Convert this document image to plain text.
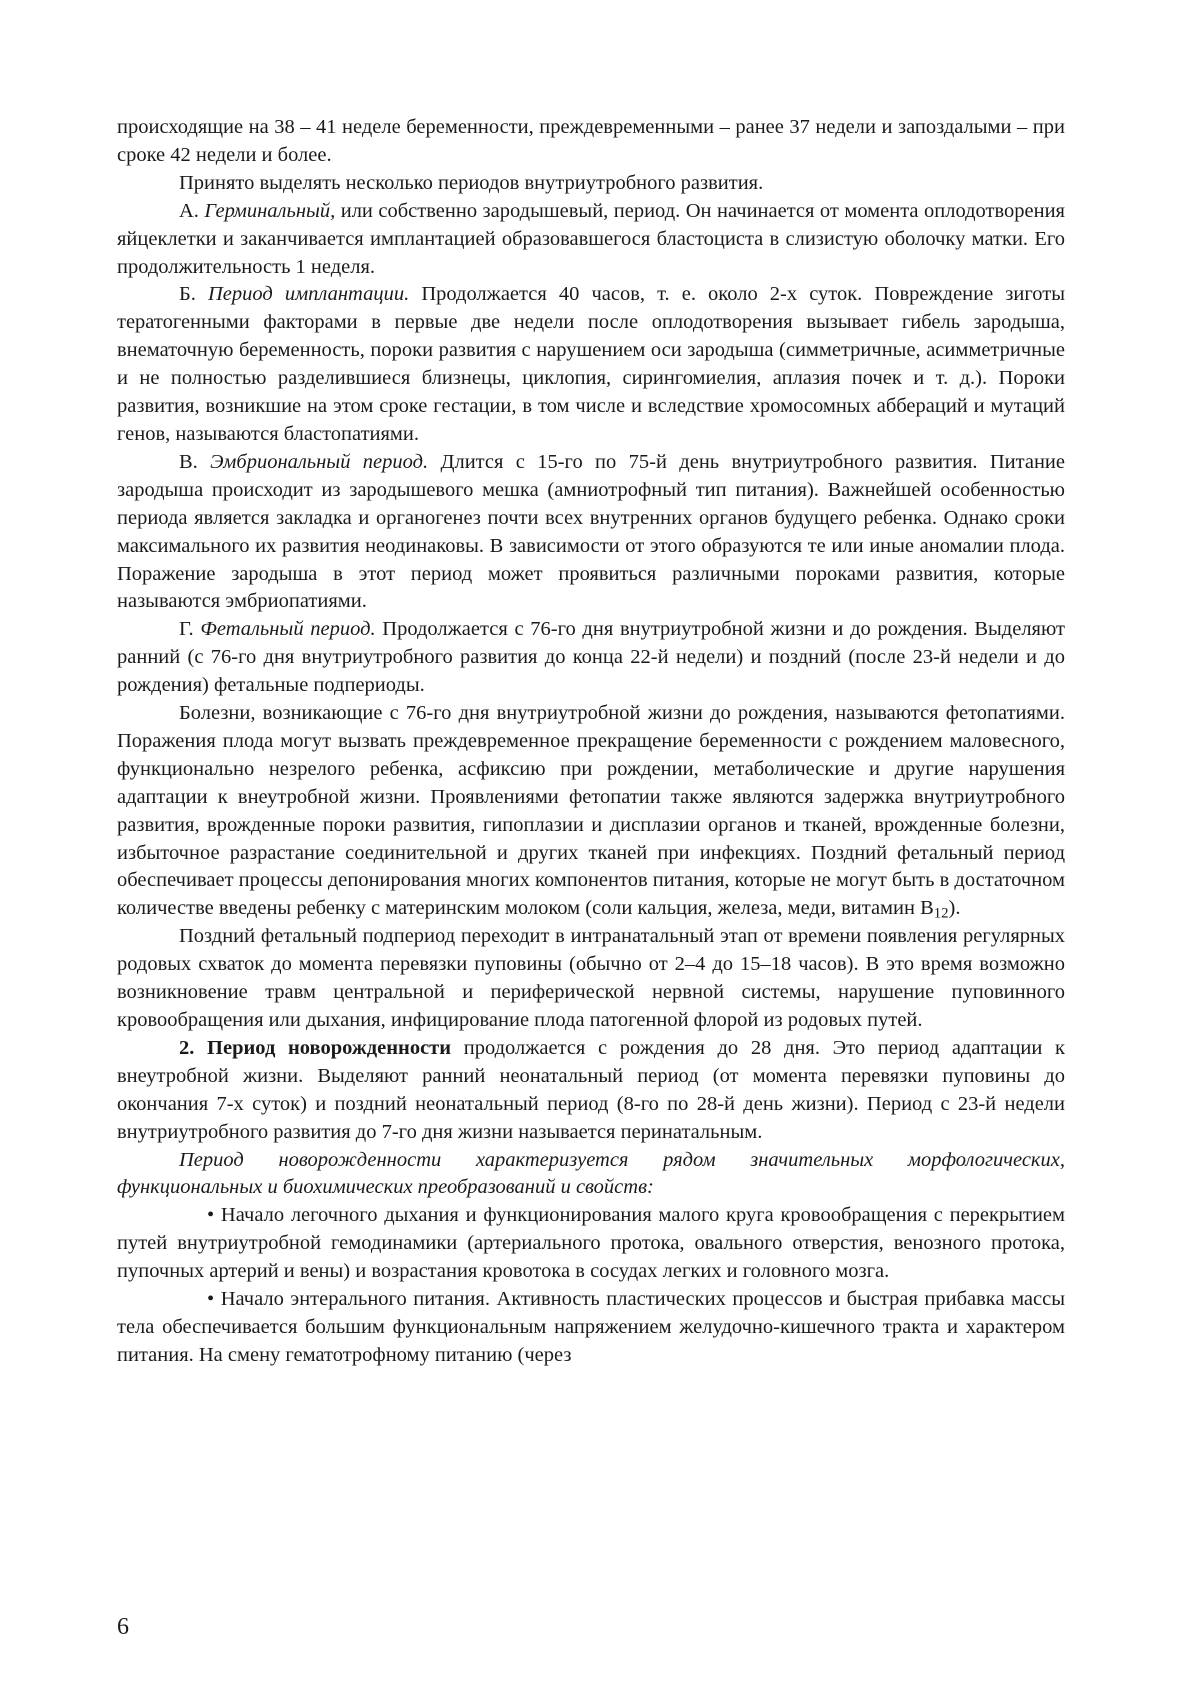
происходящие на 38 – 41 неделе беременности, преждевременными – ранее 37 недели и запоздалыми – при сроке 42 недели и более.

Принято выделять несколько периодов внутриутробного развития.

А. Герминальный, или собственно зародышевый, период. Он начинается от момента оплодотворения яйцеклетки и заканчивается имплантацией образовавшегося бластоциста в слизистую оболочку матки. Его продолжительность 1 неделя.

Б. Период имплантации. Продолжается 40 часов, т. е. около 2-х суток. Повреждение зиготы тератогенными факторами в первые две недели после оплодотворения вызывает гибель зародыша, внематочную беременность, пороки развития с нарушением оси зародыша (симметричные, асимметричные и не полностью разделившиеся близнецы, циклопия, сирингомиелия, аплазия почек и т. д.). Пороки развития, возникшие на этом сроке гестации, в том числе и вследствие хромосомных абберaций и мутаций генов, называются бластопатиями.

В. Эмбриональный период. Длится с 15-го по 75-й день внутриутробного развития. Питание зародыша происходит из зародышевого мешка (амниотрофный тип питания). Важнейшей особенностью периода является закладка и органогенез почти всех внутренних органов будущего ребенка. Однако сроки максимального их развития неодинаковы. В зависимости от этого образуются те или иные аномалии плода. Поражение зародыша в этот период может проявиться различными пороками развития, которые называются эмбриопатиями.

Г. Фетальный период. Продолжается с 76-го дня внутриутробной жизни и до рождения. Выделяют ранний (с 76-го дня внутриутробного развития до конца 22-й недели) и поздний (после 23-й недели и до рождения) фетальные подпериоды.

Болезни, возникающие с 76-го дня внутриутробной жизни до рождения, называются фетопатиями. Поражения плода могут вызвать преждевременное прекращение беременности с рождением маловесного, функционально незрелого ребенка, асфиксию при рождении, метаболические и другие нарушения адаптации к внеутробной жизни. Проявлениями фетопатии также являются задержка внутриутробного развития, врожденные пороки развития, гипоплазии и дисплазии органов и тканей, врожденные болезни, избыточное разрастание соединительной и других тканей при инфекциях. Поздний фетальный период обеспечивает процессы депонирования многих компонентов питания, которые не могут быть в достаточном количестве введены ребенку с материнским молоком (соли кальция, железа, меди, витамин $B_{12}$).

Поздний фетальный подпериод переходит в интранатальный этап от времени появления регулярных родовых схваток до момента перевязки пуповины (обычно от 2–4 до 15–18 часов). В это время возможно возникновение травм центральной и периферической нервной системы, нарушение пуповинного кровообращения или дыхания, инфицирование плода патогенной флорой из родовых путей.

2. Период новорожденности продолжается с рождения до 28 дня. Это период адаптации к внеутробной жизни. Выделяют ранний неонатальный период (от момента перевязки пуповины до окончания 7-х суток) и поздний неонатальный период (8-го по 28-й день жизни). Период с 23-й недели внутриутробного развития до 7-го дня жизни называется перинатальным.

Период новорожденности характеризуется рядом значительных морфологических, функциональных и биохимических преобразований и свойств:

• Начало легочного дыхания и функционирования малого круга кровообращения с перекрытием путей внутриутробной гемодинамики (артериального протока, овального отверстия, венозного протока, пупочных артерий и вены) и возрастания кровотока в сосудах легких и головного мозга.

• Начало энтерального питания. Активность пластических процессов и быстрая прибавка массы тела обеспечивается большим функциональным напряжением желудочно-кишечного тракта и характером питания. На смену гематотрофному питанию (через

6
